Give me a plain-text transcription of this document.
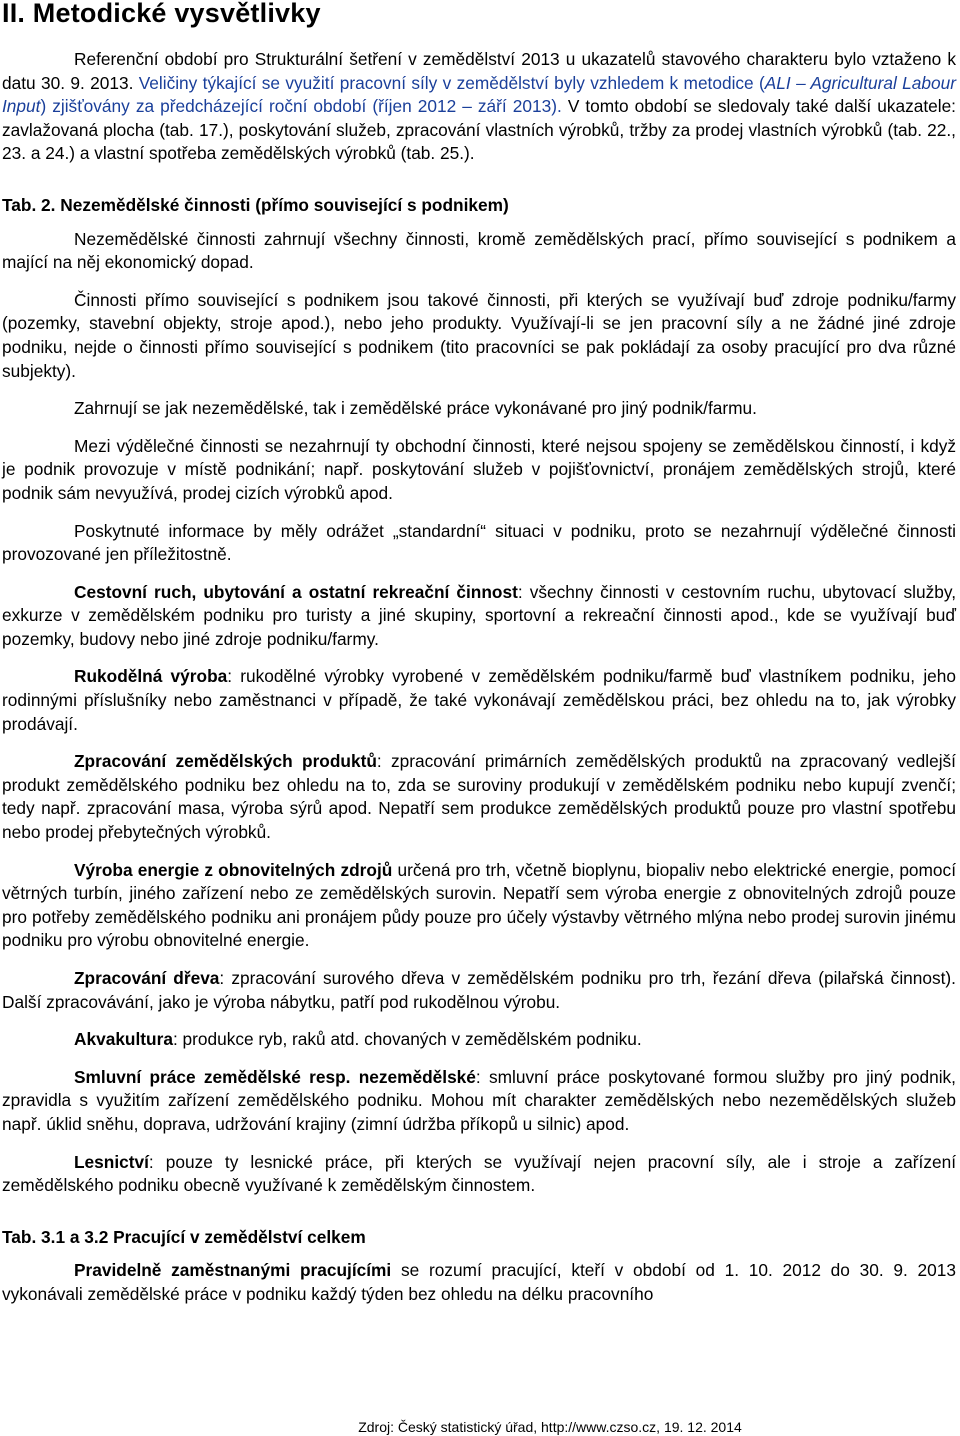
II. Metodické vysvětlivky

Referenční období pro Strukturální šetření v zemědělství 2013 u ukazatelů stavového charakteru bylo vztaženo k datu 30. 9. 2013. Veličiny týkající se využití pracovní síly v zemědělství byly vzhledem k metodice (ALI – Agricultural Labour Input) zjišťovány za předcházející roční období (říjen 2012 – září 2013). V tomto období se sledovaly také další ukazatele: zavlažovaná plocha (tab. 17.), poskytování služeb, zpracování vlastních výrobků, tržby za prodej vlastních výrobků (tab. 22., 23. a 24.) a vlastní spotřeba zemědělských výrobků (tab. 25.).

Tab. 2. Nezemědělské činnosti (přímo související s podnikem)

Nezemědělské činnosti zahrnují všechny činnosti, kromě zemědělských prací, přímo související s podnikem a mající na něj ekonomický dopad.

Činnosti přímo související s podnikem jsou takové činnosti, při kterých se využívají buď zdroje podniku/farmy (pozemky, stavební objekty, stroje apod.), nebo jeho produkty. Využívají-li se jen pracovní síly a ne žádné jiné zdroje podniku, nejde o činnosti přímo související s podnikem (tito pracovníci se pak pokládají za osoby pracující pro dva různé subjekty).

Zahrnují se jak nezemědělské, tak i zemědělské práce vykonávané pro jiný podnik/farmu.

Mezi výdělečné činnosti se nezahrnují ty obchodní činnosti, které nejsou spojeny se zemědělskou činností, i když je podnik provozuje v místě podnikání; např. poskytování služeb v pojišťovnictví, pronájem zemědělských strojů, které podnik sám nevyužívá, prodej cizích výrobků apod.

Poskytnuté informace by měly odrážet „standardní“ situaci v podniku, proto se nezahrnují výdělečné činnosti provozované jen příležitostně.

Cestovní ruch, ubytování a ostatní rekreační činnost: všechny činnosti v cestovním ruchu, ubytovací služby, exkurze v zemědělském podniku pro turisty a jiné skupiny, sportovní a rekreační činnosti apod., kde se využívají buď pozemky, budovy nebo jiné zdroje podniku/farmy.

Rukodělná výroba: rukodělné výrobky vyrobené v zemědělském podniku/farmě buď vlastníkem podniku, jeho rodinnými příslušníky nebo zaměstnanci v případě, že také vykonávají zemědělskou práci, bez ohledu na to, jak výrobky prodávají.

Zpracování zemědělských produktů: zpracování primárních zemědělských produktů na zpracovaný vedlejší produkt zemědělského podniku bez ohledu na to, zda se suroviny produkují v zemědělském podniku nebo kupují zvenčí; tedy např. zpracování masa, výroba sýrů apod. Nepatří sem produkce zemědělských produktů pouze pro vlastní spotřebu nebo prodej přebytečných výrobků.

Výroba energie z obnovitelných zdrojů určená pro trh, včetně bioplynu, biopaliv nebo elektrické energie, pomocí větrných turbín, jiného zařízení nebo ze zemědělských surovin. Nepatří sem výroba energie z obnovitelných zdrojů pouze pro potřeby zemědělského podniku ani pronájem půdy pouze pro účely výstavby větrného mlýna nebo prodej surovin jinému podniku pro výrobu obnovitelné energie.

Zpracování dřeva: zpracování surového dřeva v zemědělském podniku pro trh, řezání dřeva (pilařská činnost). Další zpracovávání, jako je výroba nábytku, patří pod rukodělnou výrobu.

Akvakultura: produkce ryb, raků atd. chovaných v zemědělském podniku.

Smluvní práce zemědělské resp. nezemědělské: smluvní práce poskytované formou služby pro jiný podnik, zpravidla s využitím zařízení zemědělského podniku. Mohou mít charakter zemědělských nebo nezemědělských služeb např. úklid sněhu, doprava, udržování krajiny (zimní údržba příkopů u silnic) apod.

Lesnictví: pouze ty lesnické práce, při kterých se využívají nejen pracovní síly, ale i stroje a zařízení zemědělského podniku obecně využívané k zemědělským činnostem.

Tab. 3.1 a 3.2 Pracující v zemědělství celkem

Pravidelně zaměstnanými pracujícími se rozumí pracující, kteří v období od 1. 10. 2012 do 30. 9. 2013 vykonávali zemědělské práce v podniku každý týden bez ohledu na délku pracovního

Zdroj: Český statistický úřad, http://www.czso.cz, 19. 12. 2014
